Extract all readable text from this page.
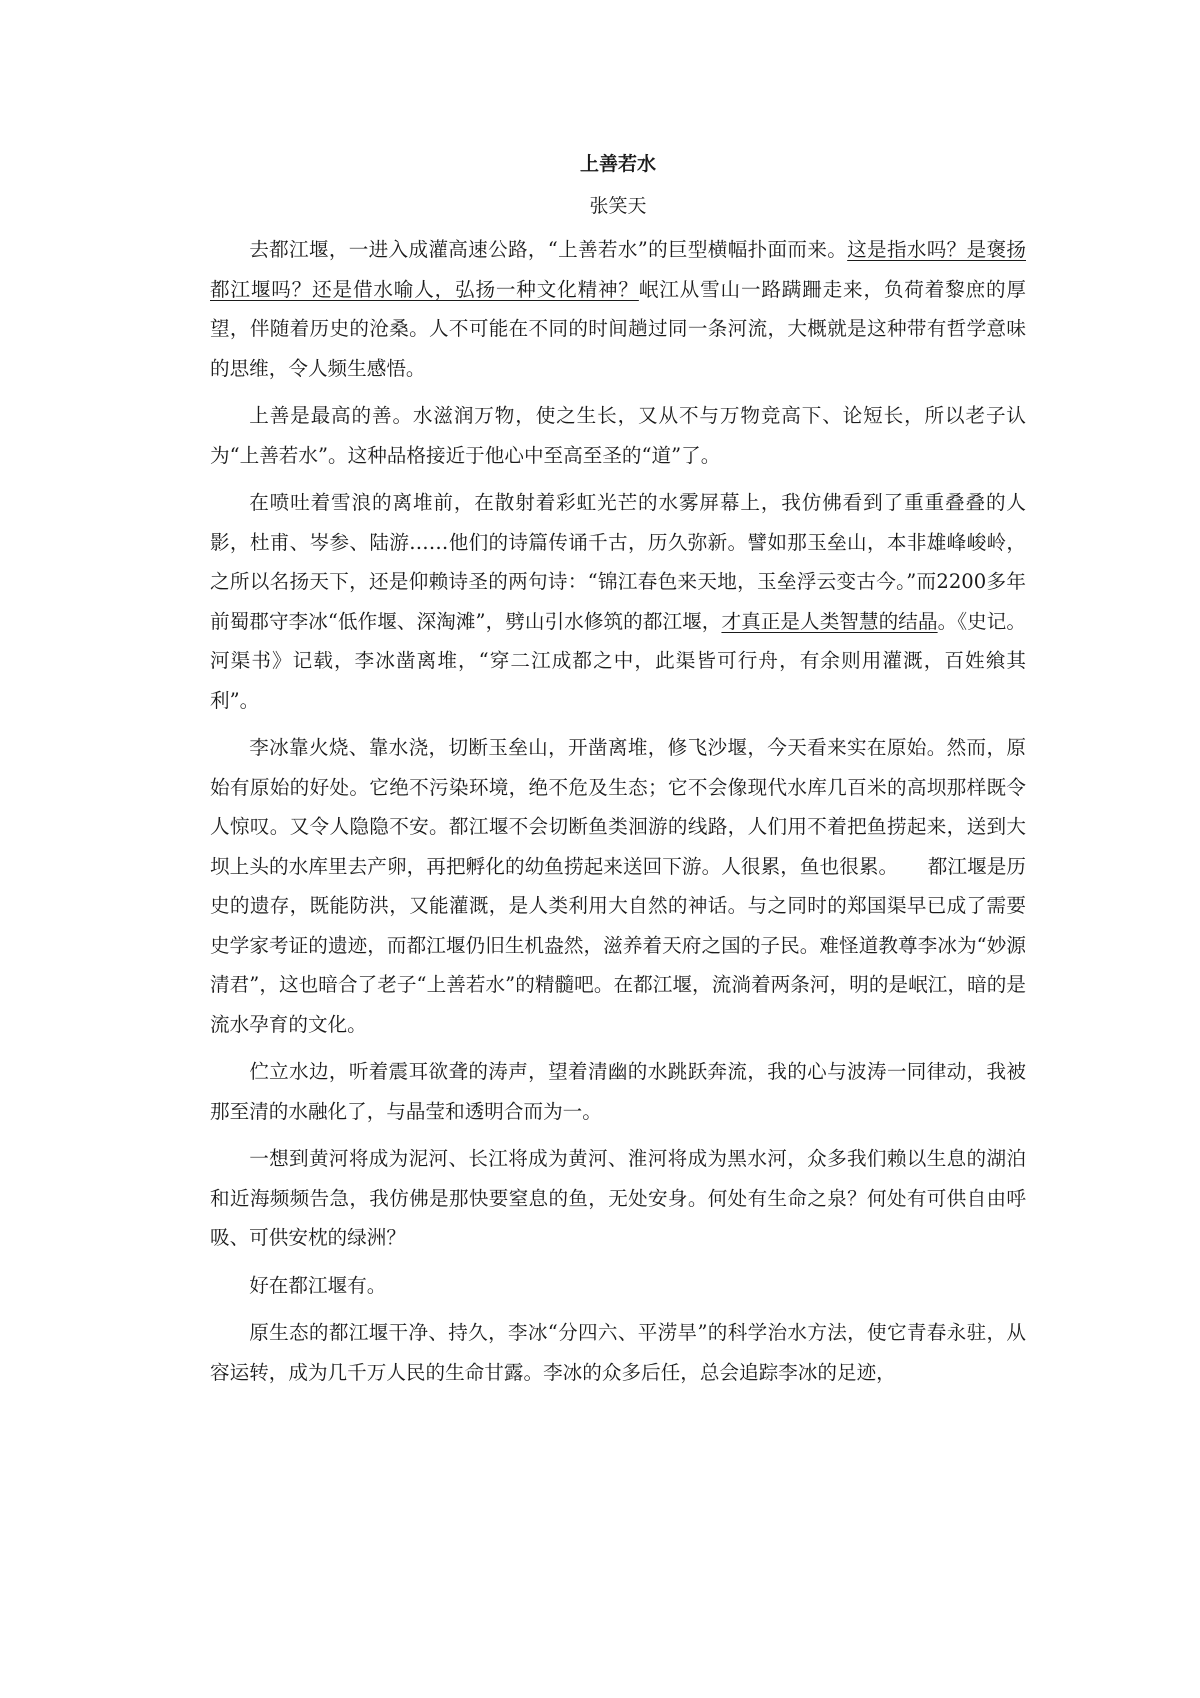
上善若水
张笑天

去都江堰，一进入成灌高速公路，“上善若水”的巨型横幅扑面而来。这是指水吗？是褒扬都江堰吗？还是借水喻人，弘扬一种文化精神？岷江从雪山一路蹒跚走来，负荷着黎庶的厚望，伴随着历史的沧桑。人不可能在不同的时间趟过同一条河流，大概就是这种带有哲学意味的思维，令人频生感悟。

上善是最高的善。水滋润万物，使之生长，又从不与万物竞高下、论短长，所以老子认为“上善若水”。这种品格接近于他心中至高至圣的“道”了。

在喷吐着雪浪的离堆前，在散射着彩虹光芒的水雾屏幕上，我仿佛看到了重重叠叠的人影，杜甫、岑参、陆游……他们的诗篇传诵千古，历久弥新。譬如那玉垒山，本非雄峰峻岭，之所以名扬天下，还是仰赖诗圣的两句诗：“锦江春色来天地，玉垒浮云变古今。”而2200多年前蜀郡守李冰“低作堰、深淘滩”，劈山引水修筑的都江堰，才真正是人类智慧的结晶。《史记。河渠书》记载，李冰凿离堆，“穿二江成都之中，此渠皆可行舟，有余则用灌溉，百姓飨其利”。

李冰靠火烧、靠水浇，切断玉垒山，开凿离堆，修飞沙堰，今天看来实在原始。然而，原始有原始的好处。它绝不污染环境，绝不危及生态；它不会像现代水库几百米的高坝那样既令人惊叹。又令人隐隐不安。都江堰不会切断鱼类洄游的线路，人们用不着把鱼捞起来，送到大坝上头的水库里去产卵，再把孵化的幼鱼捞起来送回下游。人很累，鱼也很累。　　都江堰是历史的遗存，既能防洪，又能灌溉，是人类利用大自然的神话。与之同时的郑国渠早已成了需要史学家考证的遗迹，而都江堰仍旧生机盎然，滋养着天府之国的子民。难怪道教尊李冰为“妙源清君”，这也暗合了老子“上善若水”的精髓吧。在都江堰，流淌着两条河，明的是岷江，暗的是流水孕育的文化。

伫立水边，听着震耳欲聋的涛声，望着清幽的水跳跃奔流，我的心与波涛一同律动，我被那至清的水融化了，与晶莹和透明合而为一。

一想到黄河将成为泥河、长江将成为黄河、淮河将成为黑水河，众多我们赖以生息的湖泊和近海频频告急，我仿佛是那快要窒息的鱼，无处安身。何处有生命之泉？何处有可供自由呼吸、可供安枕的绿洲？

好在都江堰有。

原生态的都江堰干净、持久，李冰“分四六、平涝旱”的科学治水方法，使它青春永驻，从容运转，成为几千万人民的生命甘露。李冰的众多后任，总会追踪李冰的足迹，
